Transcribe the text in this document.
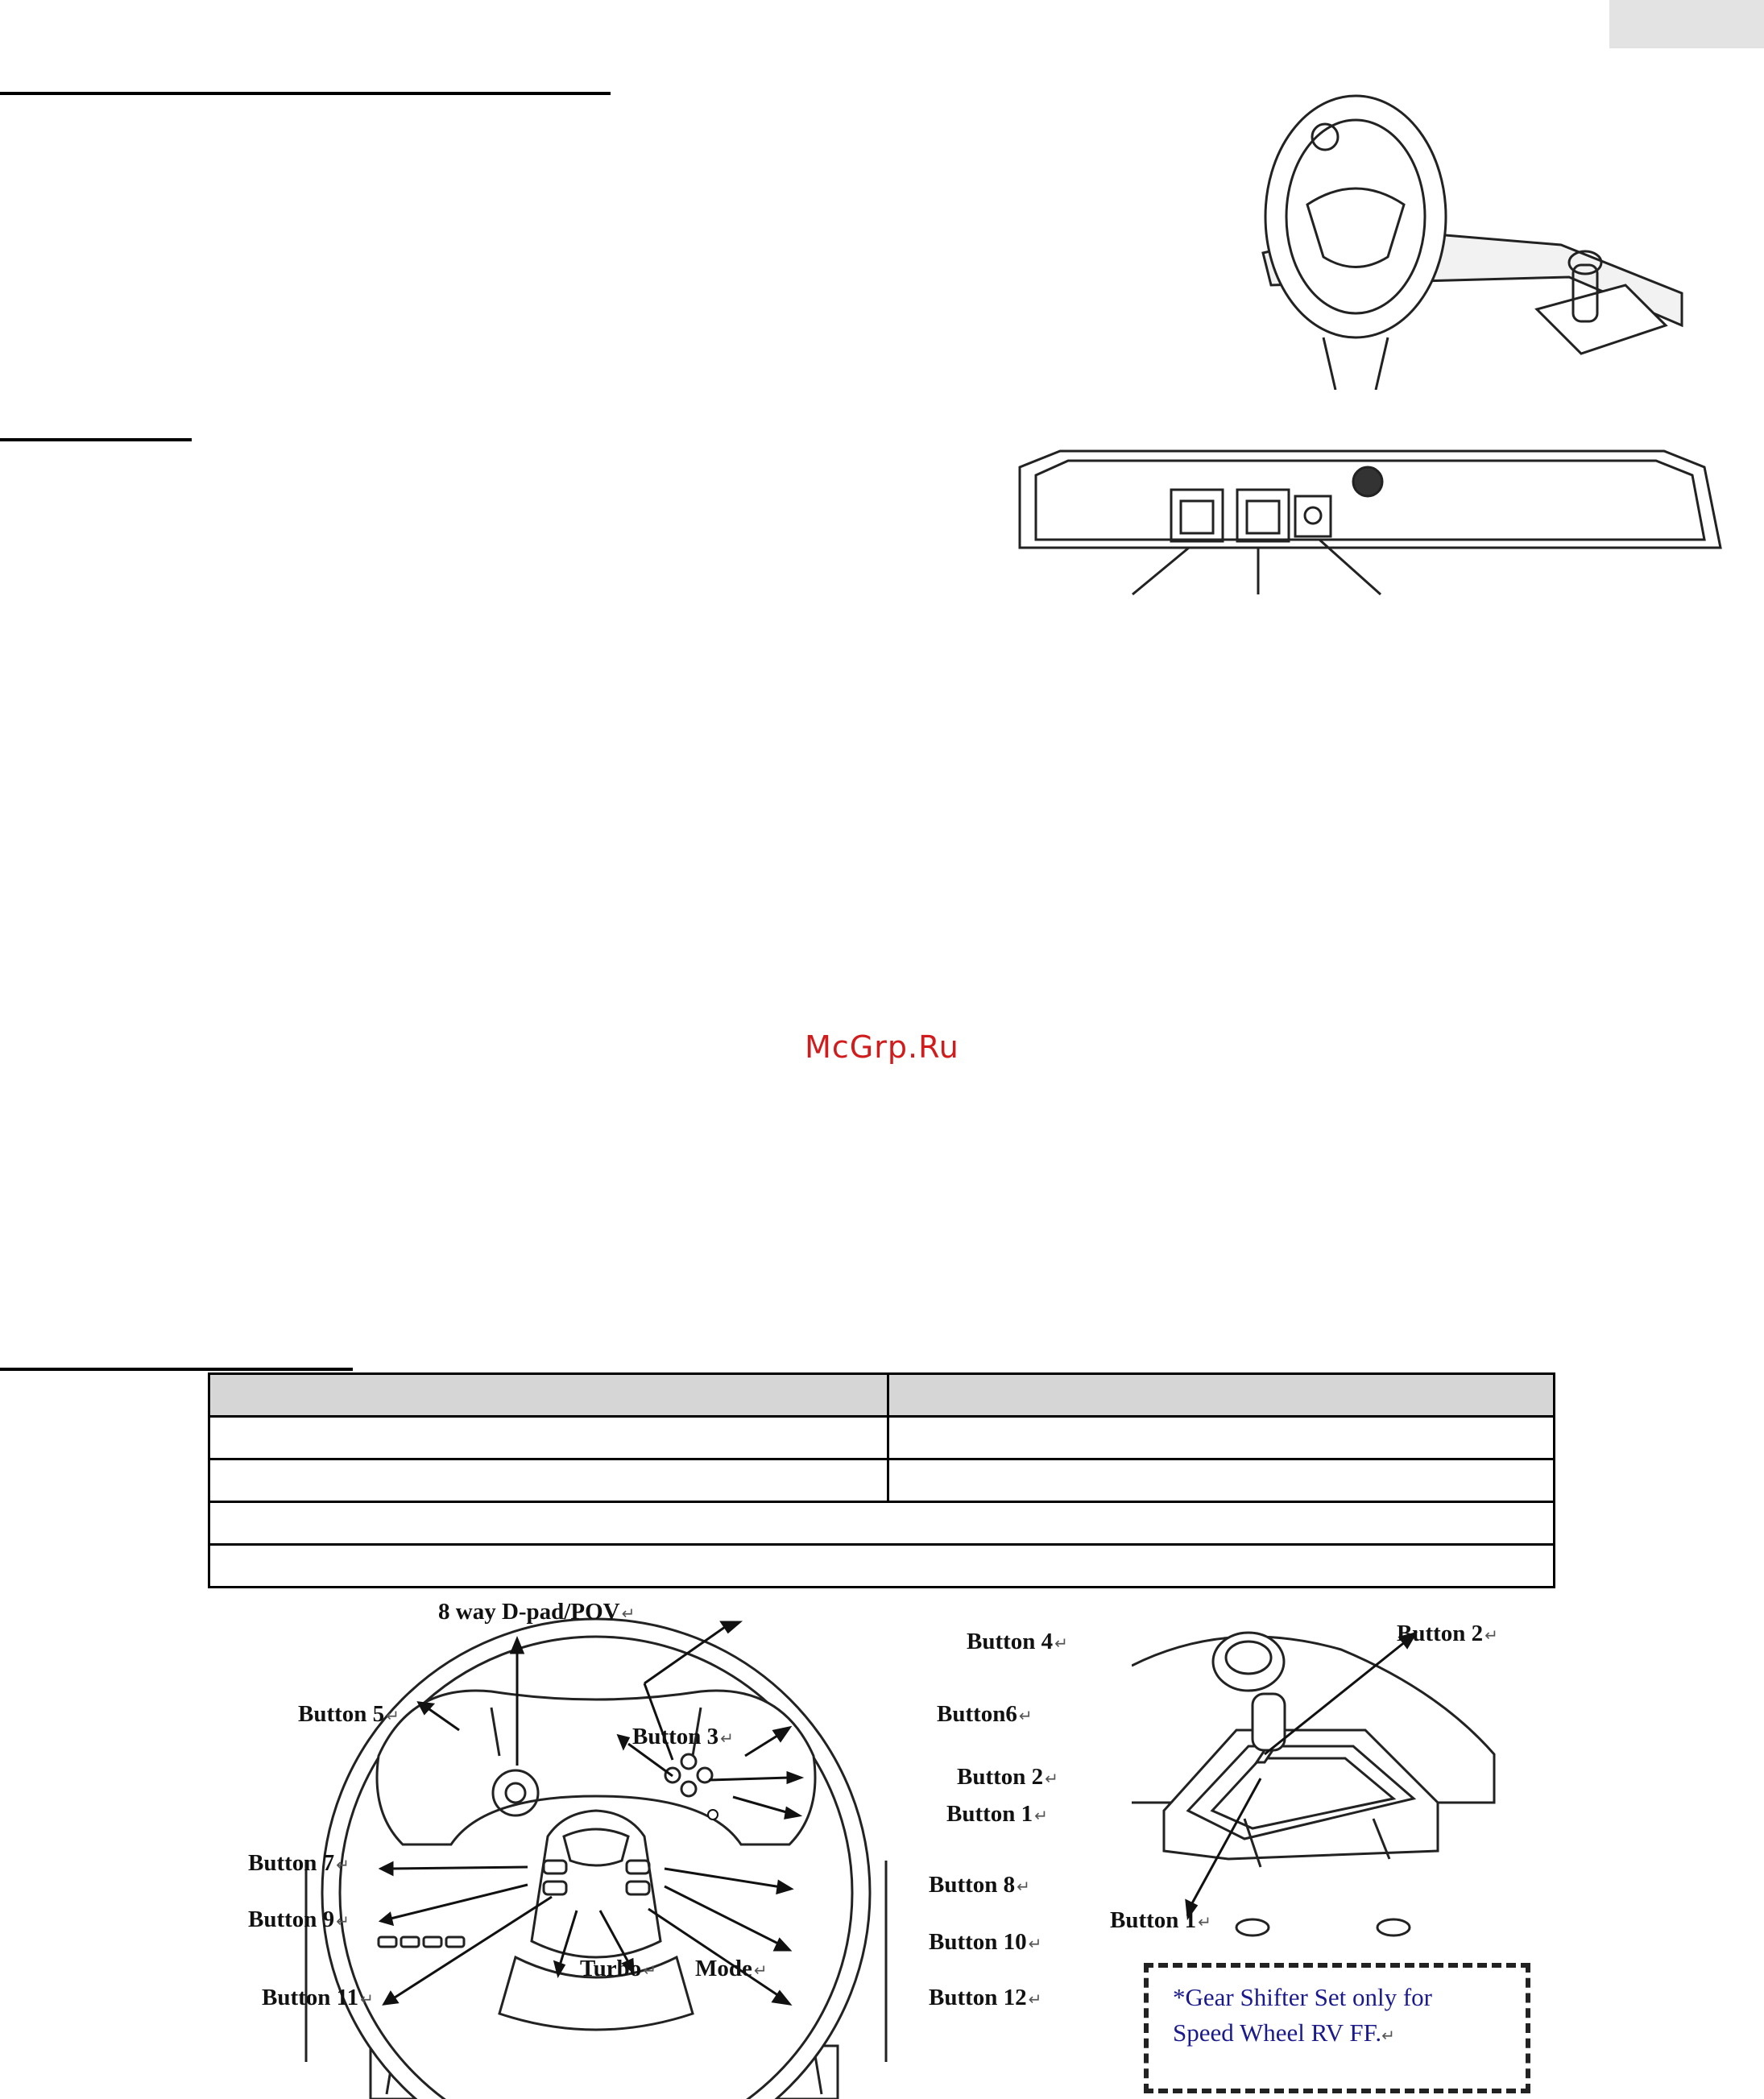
McGrp.Ru

8 way D-pad/POV ↵
Button 4 ↵
Button 5 ↵	Button6 ↵
Button 3 ↵
Button 2 ↵
Button 1 ↵
Button 7 ↵
Button 8 ↵
Button 9 ↵
Button 10 ↵
Turbo ↵ Mode ↵
Button 11 ↵	Button 12 ↵
Button 2 ↵
Button 1 ↵
*Gear Shifter Set only for
Speed Wheel RV FF.↵
